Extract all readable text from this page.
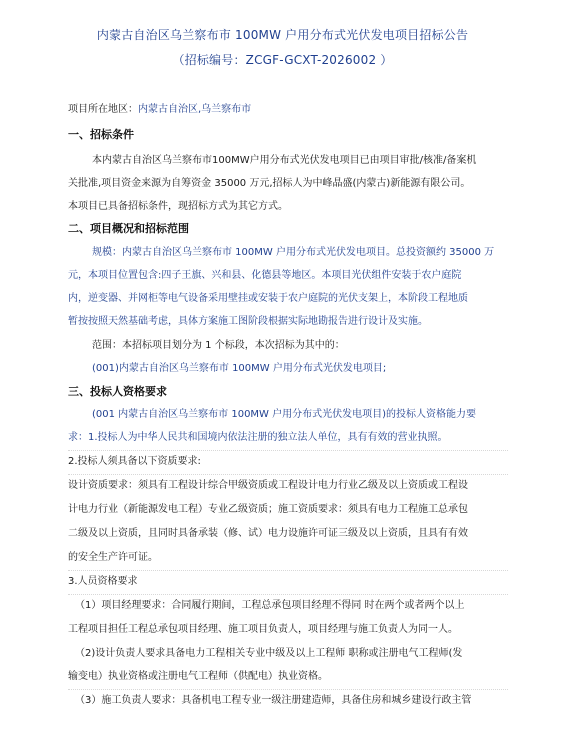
内蒙古自治区乌兰察布市 100MW 户用分布式光伏发电项目招标公告
（招标编号：ZCGF-GCXT-2026002 ）
项目所在地区：内蒙古自治区,乌兰察布市
一、招标条件
本内蒙古自治区乌兰察布市100MW户用分布式光伏发电项目已由项目审批/核准/备案机
关批准,项目资金来源为自筹资金 35000 万元,招标人为中峰晶盛(内蒙古)新能源有限公司。
本项目已具备招标条件，现招标方式为其它方式。
二、项目概况和招标范围
规模：内蒙古自治区乌兰察布市 100MW 户用分布式光伏发电项目。总投资额约 35000 万
元，本项目位置包含:四子王旗、兴和县、化德县等地区。本项目光伏组件安装于农户庭院
内，逆变器、并网柜等电气设备采用壁挂或安装于农户庭院的光伏支架上，本阶段工程地质
暂按按照天然基础考虑，具体方案施工图阶段根据实际地勘报告进行设计及实施。
范围：本招标项目划分为 1 个标段，本次招标为其中的：
(001)内蒙古自治区乌兰察布市 100MW 户用分布式光伏发电项目;
三、投标人资格要求
(001 内蒙古自治区乌兰察布市 100MW 户用分布式光伏发电项目)的投标人资格能力要
求：1.投标人为中华人民共和国境内依法注册的独立法人单位，具有有效的营业执照。
2.投标人须具备以下资质要求:
设计资质要求：须具有工程设计综合甲级资质或工程设计电力行业乙级及以上资质或工程设
计电力行业（新能源发电工程）专业乙级资质；施工资质要求：须具有电力工程施工总承包
二级及以上资质，且同时具备承装（修、试）电力设施许可证三级及以上资质，且具有有效
的安全生产许可证。
3.人员资格要求
（1）项目经理要求：合同履行期间，工程总承包项目经理不得同 时在两个或者两个以上
工程项目担任工程总承包项目经理、施工项目负责人，项目经理与施工负责人为同一人。
（2)设计负责人要求具备电力工程相关专业中级及以上工程师 职称或注册电气工程师(发
输变电）执业资格或注册电气工程师（供配电）执业资格。
（3）施工负责人要求：具备机电工程专业一级注册建造师，具备住房和城乡建设行政主管
